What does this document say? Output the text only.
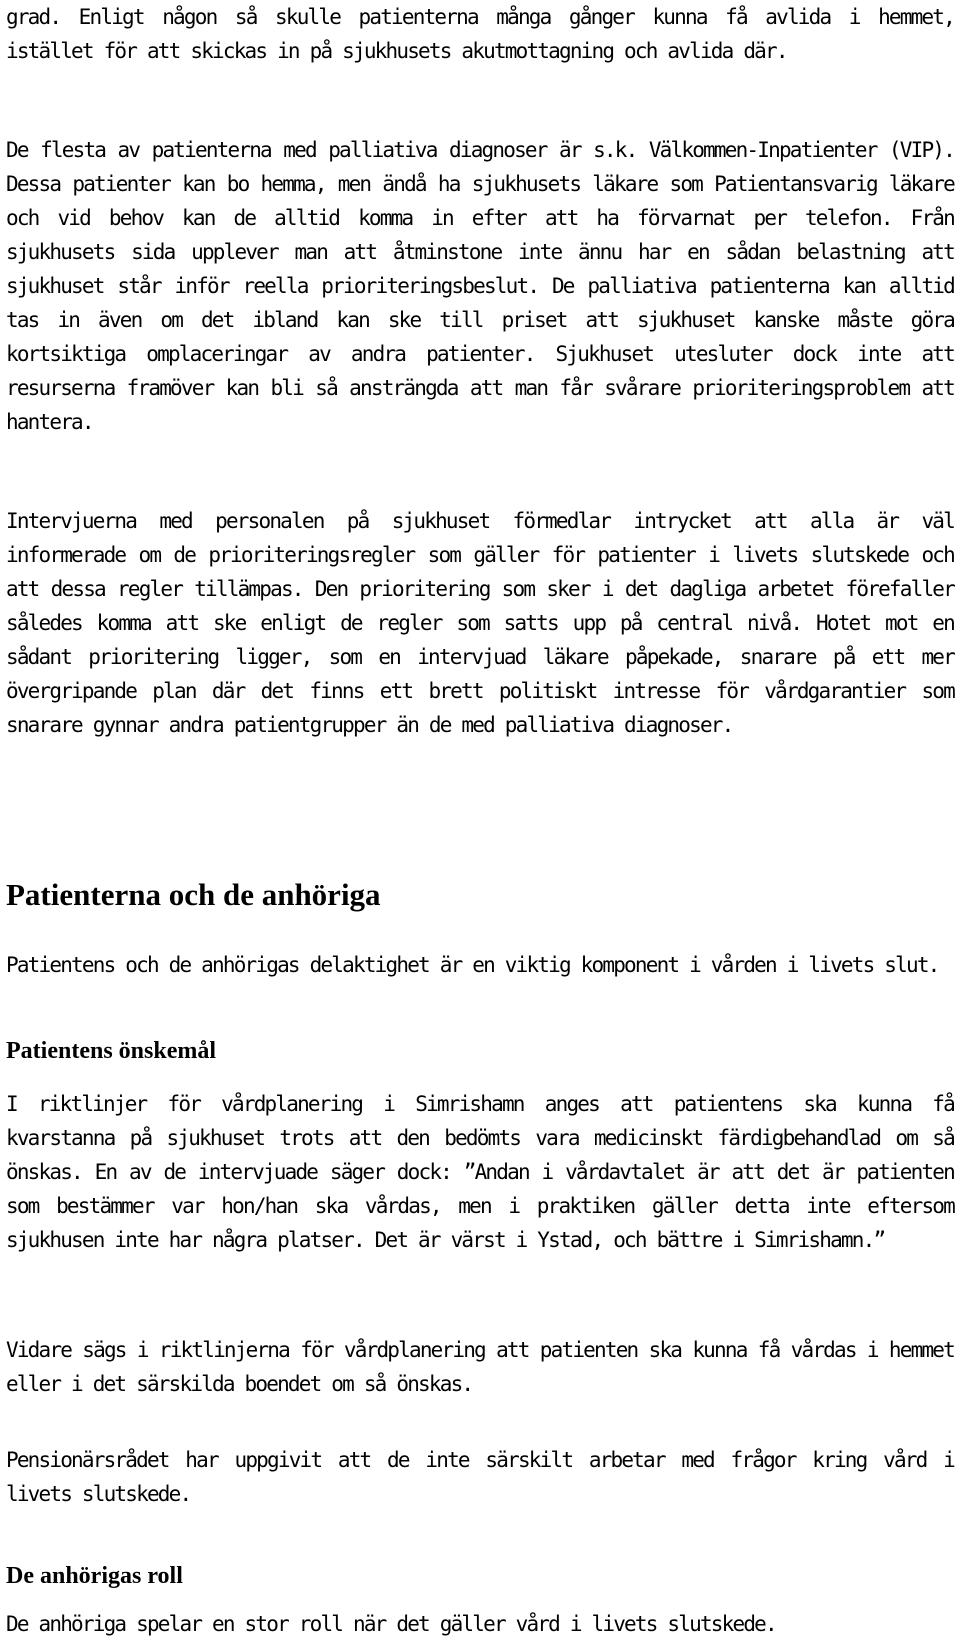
grad. Enligt någon så skulle patienterna många gånger kunna få avlida i hemmet, istället för att skickas in på sjukhusets akutmottagning och avlida där.

De flesta av patienterna med palliativa diagnoser är s.k. Välkommen-Inpatienter (VIP). Dessa patienter kan bo hemma, men ändå ha sjukhusets läkare som Patientansvarig läkare och vid behov kan de alltid komma in efter att ha förvarnat per telefon. Från sjukhusets sida upplever man att åtminstone inte ännu har en sådan belastning att sjukhuset står inför reella prioriteringsbeslut. De palliativa patienterna kan alltid tas in även om det ibland kan ske till priset att sjukhuset kanske måste göra kortsiktiga omplaceringar av andra patienter. Sjukhuset utesluter dock inte att resurserna framöver kan bli så ansträngda att man får svårare prioriteringsproblem att hantera.

Intervjuerna med personalen på sjukhuset förmedlar intrycket att alla är väl informerade om de prioriteringsregler som gäller för patienter i livets slutskede och att dessa regler tillämpas. Den prioritering som sker i det dagliga arbetet förefaller således komma att ske enligt de regler som satts upp på central nivå. Hotet mot en sådant prioritering ligger, som en intervjuad läkare påpekade, snarare på ett mer övergripande plan där det finns ett brett politiskt intresse för vårdgarantier som snarare gynnar andra patientgrupper än de med palliativa diagnoser.

Patienterna och de anhöriga

Patientens och de anhörigas delaktighet är en viktig komponent i vården i livets slut.

Patientens önskemål

I riktlinjer för vårdplanering i Simrishamn anges att patientens ska kunna få kvarstanna på sjukhuset trots att den bedömts vara medicinskt färdigbehandlad om så önskas. En av de intervjuade säger dock: ”Andan i vårdavtalet är att det är patienten som bestämmer var hon/han ska vårdas, men i praktiken gäller detta inte eftersom sjukhusen inte har några platser. Det är värst i Ystad, och bättre i Simrishamn.”

Vidare sägs i riktlinjerna för vårdplanering att patienten ska kunna få vårdas i hemmet eller i det särskilda boendet om så önskas.

Pensionärsrådet har uppgivit att de inte särskilt arbetar med frågor kring vård i livets slutskede.

De anhörigas roll

De anhöriga spelar en stor roll när det gäller vård i livets slutskede.
